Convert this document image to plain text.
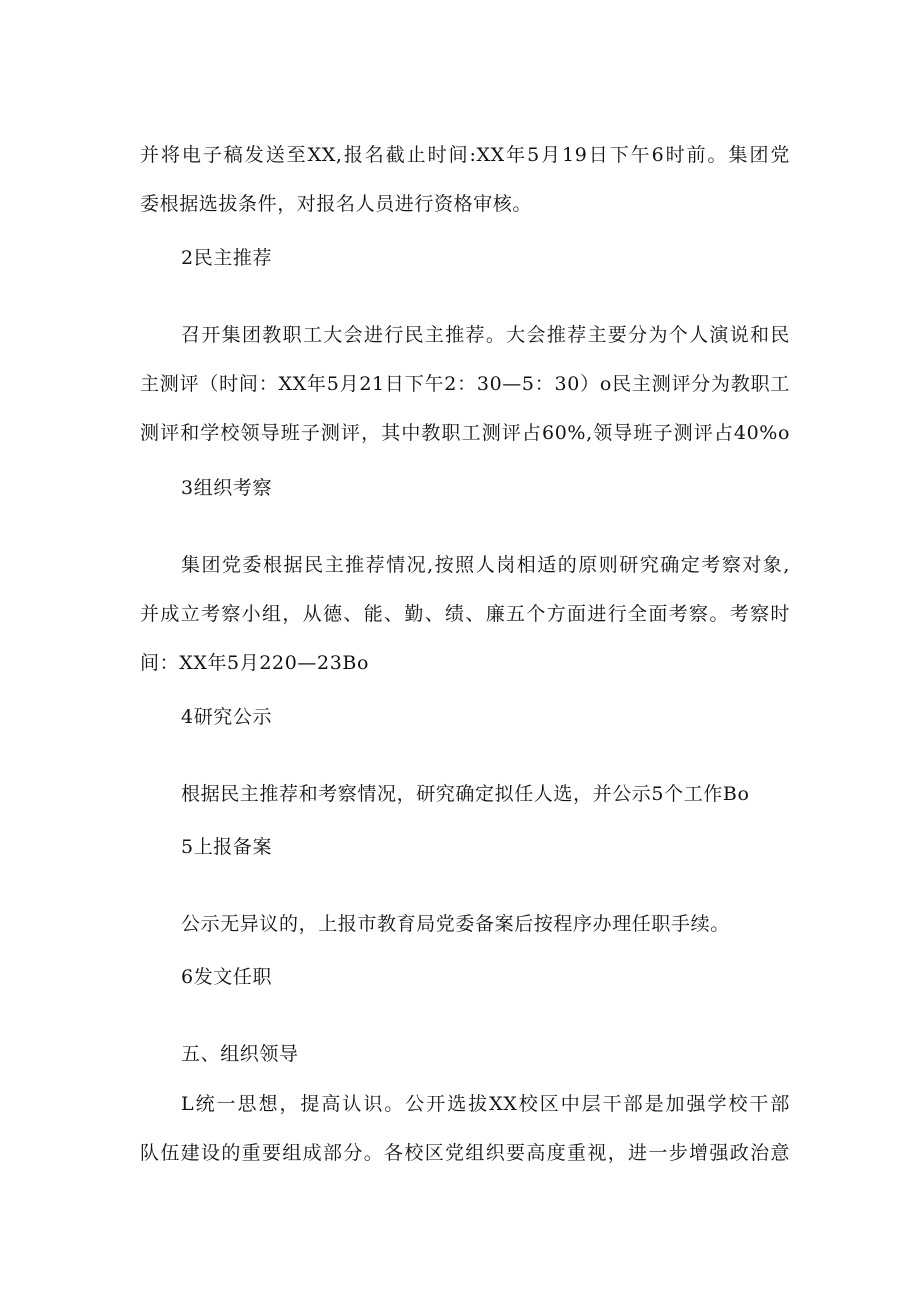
并将电子稿发送至XX,报名截止时间:XX年5月19日下午6时前。集团党
委根据选拔条件，对报名人员进行资格审核。
2民主推荐
召开集团教职工大会进行民主推荐。大会推荐主要分为个人演说和民
主测评（时间：XX年5月21日下午2：30—5：30）o民主测评分为教职工
测评和学校领导班子测评，其中教职工测评占60%,领导班子测评占40%o
3组织考察
集团党委根据民主推荐情况,按照人岗相适的原则研究确定考察对象,
并成立考察小组，从德、能、勤、绩、廉五个方面进行全面考察。考察时
间：XX年5月220—23Bo
4研究公示
根据民主推荐和考察情况，研究确定拟任人选，并公示5个工作Bo
5上报备案
公示无异议的，上报市教育局党委备案后按程序办理任职手续。
6发文任职
五、组织领导
L统一思想，提高认识。公开选拔XX校区中层干部是加强学校干部
队伍建设的重要组成部分。各校区党组织要高度重视，进一步增强政治意
